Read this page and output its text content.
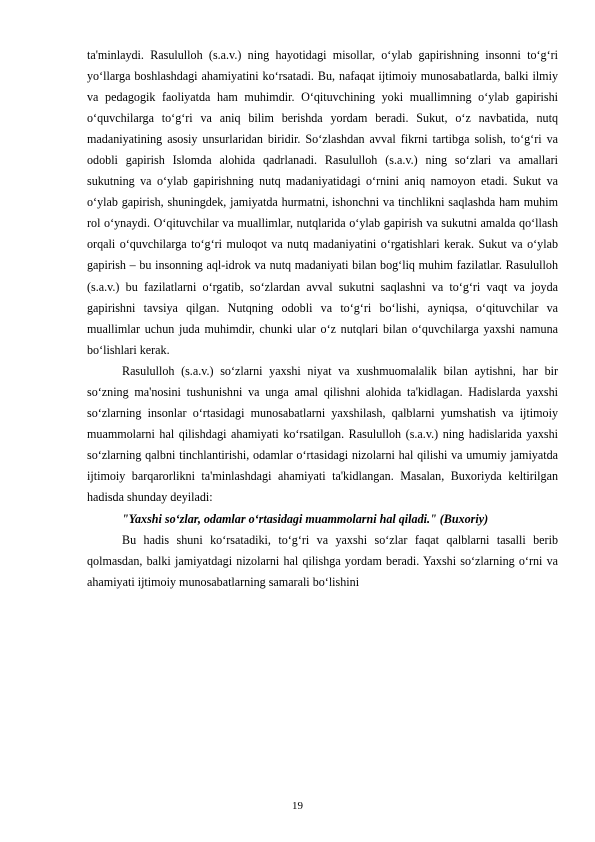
ta'minlaydi. Rasululloh (s.a.v.) ning hayotidagi misollar, o‘ylab gapirishning insonni to‘g‘ri yo‘llarga boshlashdagi ahamiyatini ko‘rsatadi. Bu, nafaqat ijtimoiy munosabatlarda, balki ilmiy va pedagogik faoliyatda ham muhimdir. O‘qituvchining yoki muallimning o‘ylab gapirishi o‘quvchilarga to‘g‘ri va aniq bilim berishda yordam beradi. Sukut, o‘z navbatida, nutq madaniyatining asosiy unsurlaridan biridir. So‘zlashdan avval fikrni tartibga solish, to‘g‘ri va odobli gapirish Islomda alohida qadrlanadi. Rasululloh (s.a.v.) ning so‘zlari va amallari sukutning va o‘ylab gapirishning nutq madaniyatidagi o‘rnini aniq namoyon etadi. Sukut va o‘ylab gapirish, shuningdek, jamiyatda hurmatni, ishonchni va tinchlikni saqlashda ham muhim rol o‘ynaydi. O‘qituvchilar va muallimlar, nutqlarida o‘ylab gapirish va sukutni amalda qo‘llash orqali o‘quvchilarga to‘g‘ri muloqot va nutq madaniyatini o‘rgatishlari kerak. Sukut va o‘ylab gapirish – bu insonning aql-idrok va nutq madaniyati bilan bog‘liq muhim fazilatlar. Rasululloh (s.a.v.) bu fazilatlarni o‘rgatib, so‘zlardan avval sukutni saqlashni va to‘g‘ri vaqt va joyda gapirishni tavsiya qilgan. Nutqning odobli va to‘g‘ri bo‘lishi, ayniqsa, o‘qituvchilar va muallimlar uchun juda muhimdir, chunki ular o‘z nutqlari bilan o‘quvchilarga yaxshi namuna bo‘lishlari kerak.

Rasululloh (s.a.v.) so‘zlarni yaxshi niyat va xushmuomalalik bilan aytishni, har bir so‘zning ma'nosini tushunishni va unga amal qilishni alohida ta'kidlagan. Hadislarda yaxshi so‘zlarning insonlar o‘rtasidagi munosabatlarni yaxshilash, qalblarni yumshatish va ijtimoiy muammolarni hal qilishdagi ahamiyati ko‘rsatilgan. Rasululloh (s.a.v.) ning hadislarida yaxshi so‘zlarning qalbni tinchlantirishi, odamlar o‘rtasidagi nizolarni hal qilishi va umumiy jamiyatda ijtimoiy barqarorlikni ta'minlashdagi ahamiyati ta'kidlangan. Masalan, Buxoriyda keltirilgan hadisda shunday deyiladi:

"Yaxshi so‘zlar, odamlar o‘rtasidagi muammolarni hal qiladi." (Buxoriy)

Bu hadis shuni ko‘rsatadiki, to‘g‘ri va yaxshi so‘zlar faqat qalblarni tasalli berib qolmasdan, balki jamiyatdagi nizolarni hal qilishga yordam beradi. Yaxshi so‘zlarning o‘rni va ahamiyati ijtimoiy munosabatlarning samarali bo‘lishini

19
